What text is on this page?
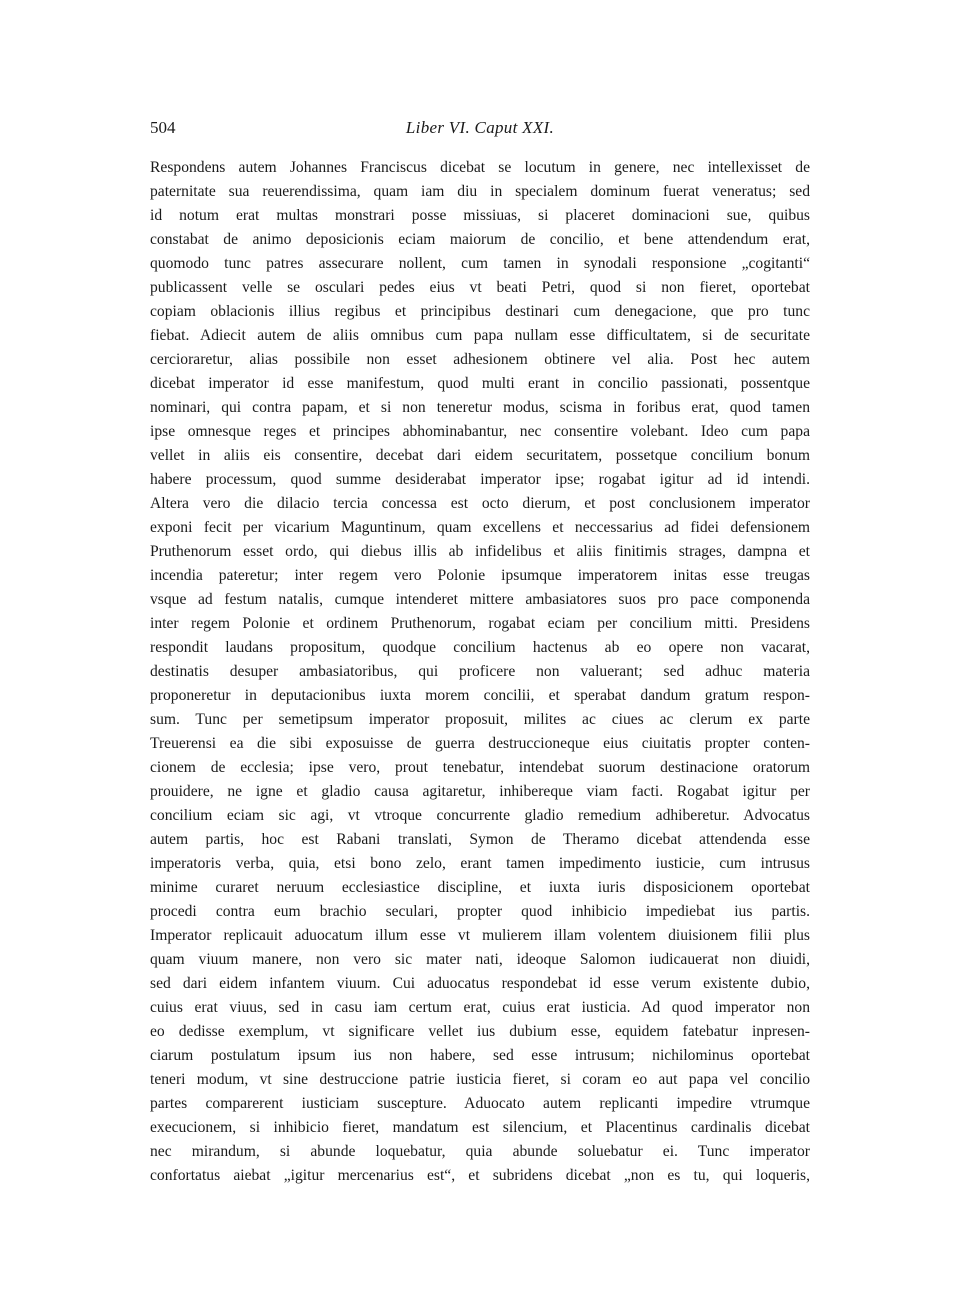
504	Liber VI. Caput XXI.
Respondens autem Johannes Franciscus dicebat se locutum in genere, nec intellexisset de
paternitate sua reuerendissima, quam iam diu in specialem dominum fuerat veneratus; sed
id notum erat multas monstrari posse missiuas, si placeret dominacioni sue, quibus
constabat de animo deposicionis eciam maiorum de concilio, et bene attendendum erat,
quomodo tunc patres assecurare nollent, cum tamen in synodali responsione „cogitanti“
publicassent velle se osculari pedes eius vt beati Petri, quod si non fieret, oportebat
copiam oblacionis illius regibus et principibus destinari cum denegacione, que pro tunc
fiebat. Adiecit autem de aliis omnibus cum papa nullam esse difficultatem, si de securitate
cercioraretur, alias possibile non esset adhesionem obtinere vel alia. Post hec autem
dicebat imperator id esse manifestum, quod multi erant in concilio passionati, possentque
nominari, qui contra papam, et si non teneretur modus, scisma in foribus erat, quod tamen
ipse omnesque reges et principes abhominabantur, nec consentire volebant. Ideo cum papa
vellet in aliis eis consentire, decebat dari eidem securitatem, possetque concilium bonum
habere processum, quod summe desiderabat imperator ipse; rogabat igitur ad id intendi.
Altera vero die dilacio tercia concessa est octo dierum, et post conclusionem imperator
exponi fecit per vicarium Maguntinum, quam excellens et neccessarius ad fidei defensionem
Pruthenorum esset ordo, qui diebus illis ab infidelibus et aliis finitimis strages, dampna et
incendia pateretur; inter regem vero Polonie ipsumque imperatorem initas esse treugas
vsque ad festum natalis, cumque intenderet mittere ambasiatores suos pro pace componenda
inter regem Polonie et ordinem Pruthenorum, rogabat eciam per concilium mitti. Presidens
respondit laudans propositum, quodque concilium hactenus ab eo opere non vacarat,
destinatis desuper ambasiatoribus, qui proficere non valuerant; sed adhuc materia
proponeretur in deputacionibus iuxta morem concilii, et sperabat dandum gratum respon-
sum. Tunc per semetipsum imperator proposuit, milites ac ciues ac clerum ex parte
Treuerensi ea die sibi exposuisse de guerra destruccioneque eius ciuitatis propter conten-
cionem de ecclesia; ipse vero, prout tenebatur, intendebat suorum destinacione oratorum
prouidere, ne igne et gladio causa agitaretur, inhibereque viam facti. Rogabat igitur per
concilium eciam sic agi, vt vtroque concurrente gladio remedium adhiberetur. Advocatus
autem partis, hoc est Rabani translati, Symon de Theramo dicebat attendenda esse
imperatoris verba, quia, etsi bono zelo, erant tamen impedimento iusticie, cum intrusus
minime curaret neruum ecclesiastice discipline, et iuxta iuris disposicionem oportebat
procedi contra eum brachio seculari, propter quod inhibicio impediebat ius partis.
Imperator replicauit aduocatum illum esse vt mulierem illam volentem diuisionem filii plus
quam viuum manere, non vero sic mater nati, ideoque Salomon iudicauerat non diuidi,
sed dari eidem infantem viuum. Cui aduocatus respondebat id esse verum existente dubio,
cuius erat viuus, sed in casu iam certum erat, cuius erat iusticia. Ad quod imperator non
eo dedisse exemplum, vt significare vellet ius dubium esse, equidem fatebatur inpresen-
ciarum postulatum ipsum ius non habere, sed esse intrusum; nichilominus oportebat
teneri modum, vt sine destruccione patrie iusticia fieret, si coram eo aut papa vel concilio
partes comparerent iusticiam suscepture. Aduocato autem replicanti impedire vtrumque
execucionem, si inhibicio fieret, mandatum est silencium, et Placentinus cardinalis dicebat
nec mirandum, si abunde loquebatur, quia abunde soluebatur ei. Tunc imperator
confortatus aiebat „igitur mercenarius est“, et subridens dicebat „non es tu, qui loqueris,
